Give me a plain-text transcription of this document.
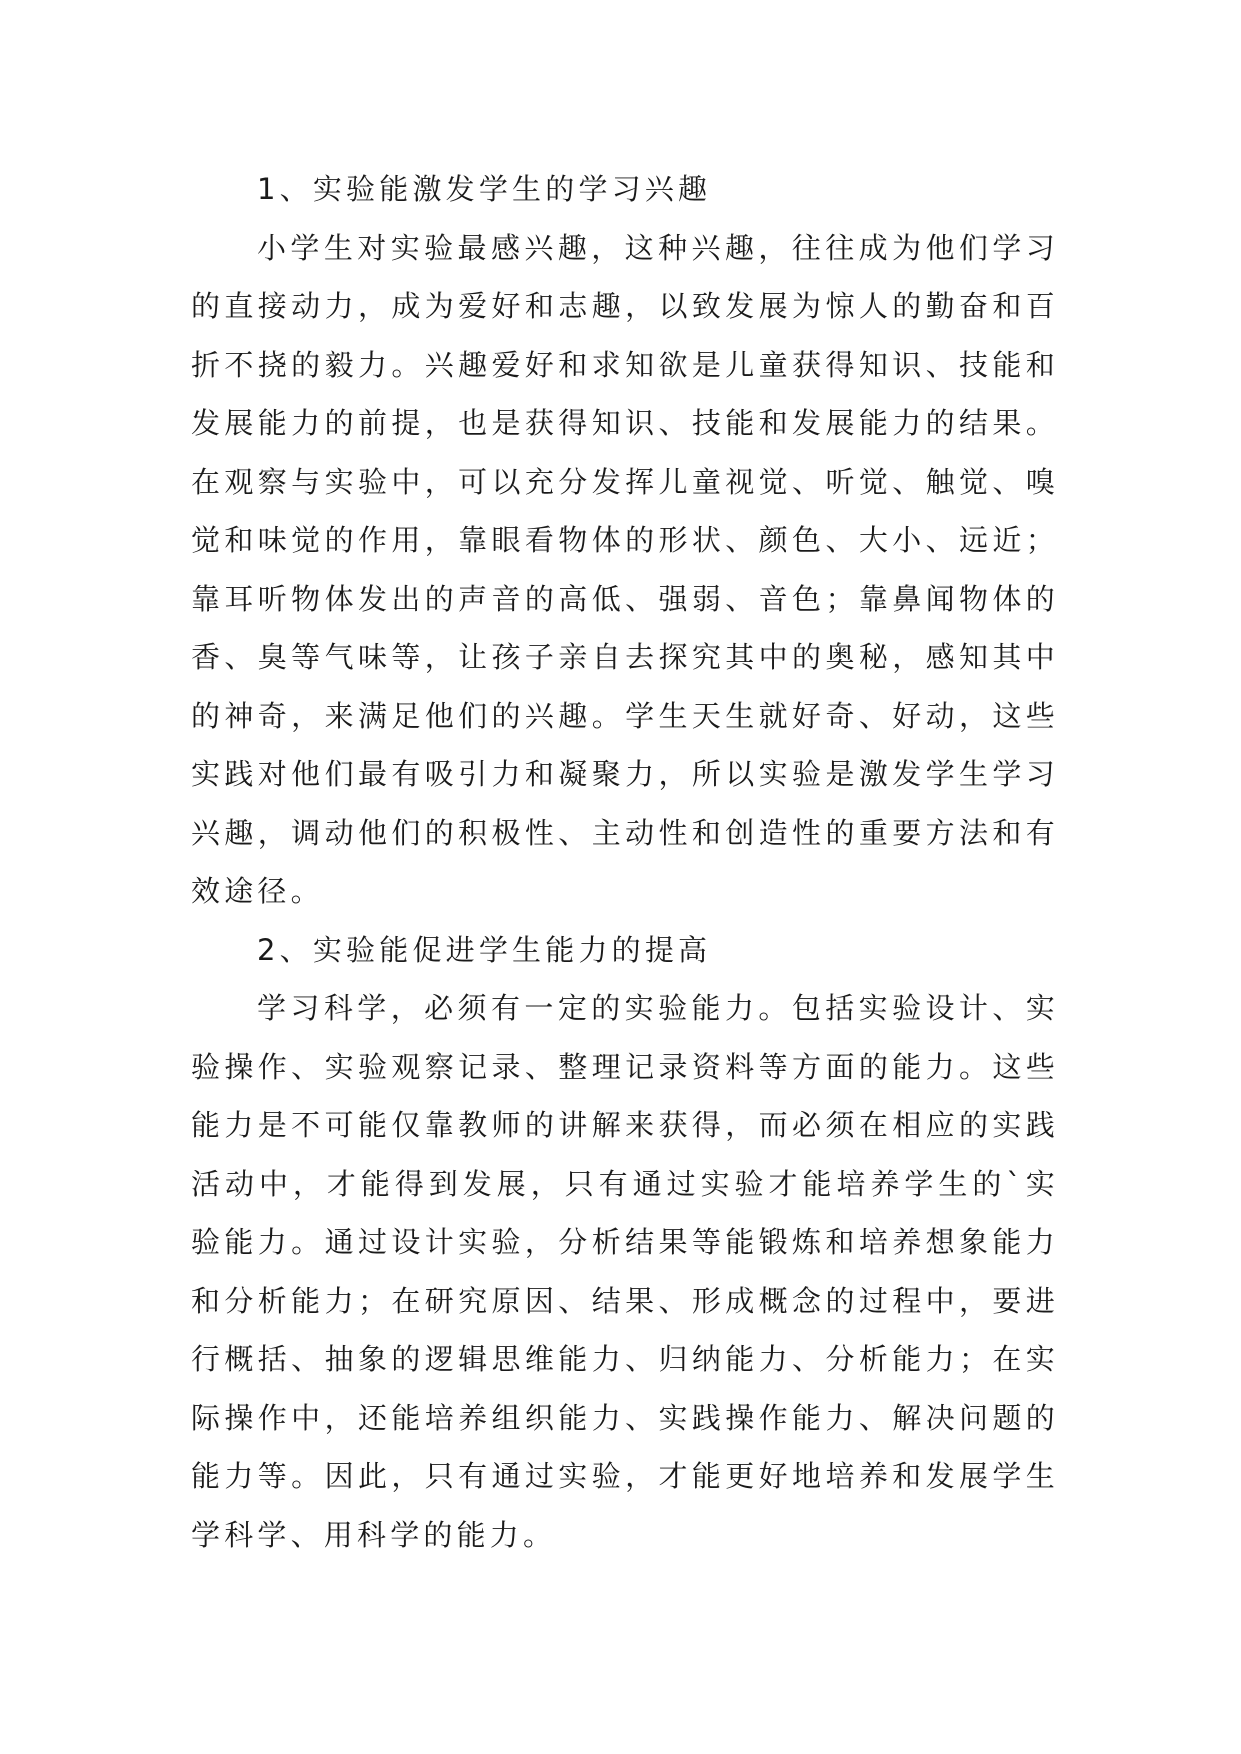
1、实验能激发学生的学习兴趣

小学生对实验最感兴趣，这种兴趣，往往成为他们学习的直接动力，成为爱好和志趣，以致发展为惊人的勤奋和百折不挠的毅力。兴趣爱好和求知欲是儿童获得知识、技能和发展能力的前提，也是获得知识、技能和发展能力的结果。在观察与实验中，可以充分发挥儿童视觉、听觉、触觉、嗅觉和味觉的作用，靠眼看物体的形状、颜色、大小、远近；靠耳听物体发出的声音的高低、强弱、音色；靠鼻闻物体的香、臭等气味等，让孩子亲自去探究其中的奥秘，感知其中的神奇，来满足他们的兴趣。学生天生就好奇、好动，这些实践对他们最有吸引力和凝聚力，所以实验是激发学生学习兴趣，调动他们的积极性、主动性和创造性的重要方法和有效途径。

2、实验能促进学生能力的提高

学习科学，必须有一定的实验能力。包括实验设计、实验操作、实验观察记录、整理记录资料等方面的能力。这些能力是不可能仅靠教师的讲解来获得，而必须在相应的实践活动中，才能得到发展，只有通过实验才能培养学生的`实验能力。通过设计实验，分析结果等能锻炼和培养想象能力和分析能力；在研究原因、结果、形成概念的过程中，要进行概括、抽象的逻辑思维能力、归纳能力、分析能力；在实际操作中，还能培养组织能力、实践操作能力、解决问题的能力等。因此，只有通过实验，才能更好地培养和发展学生学科学、用科学的能力。
